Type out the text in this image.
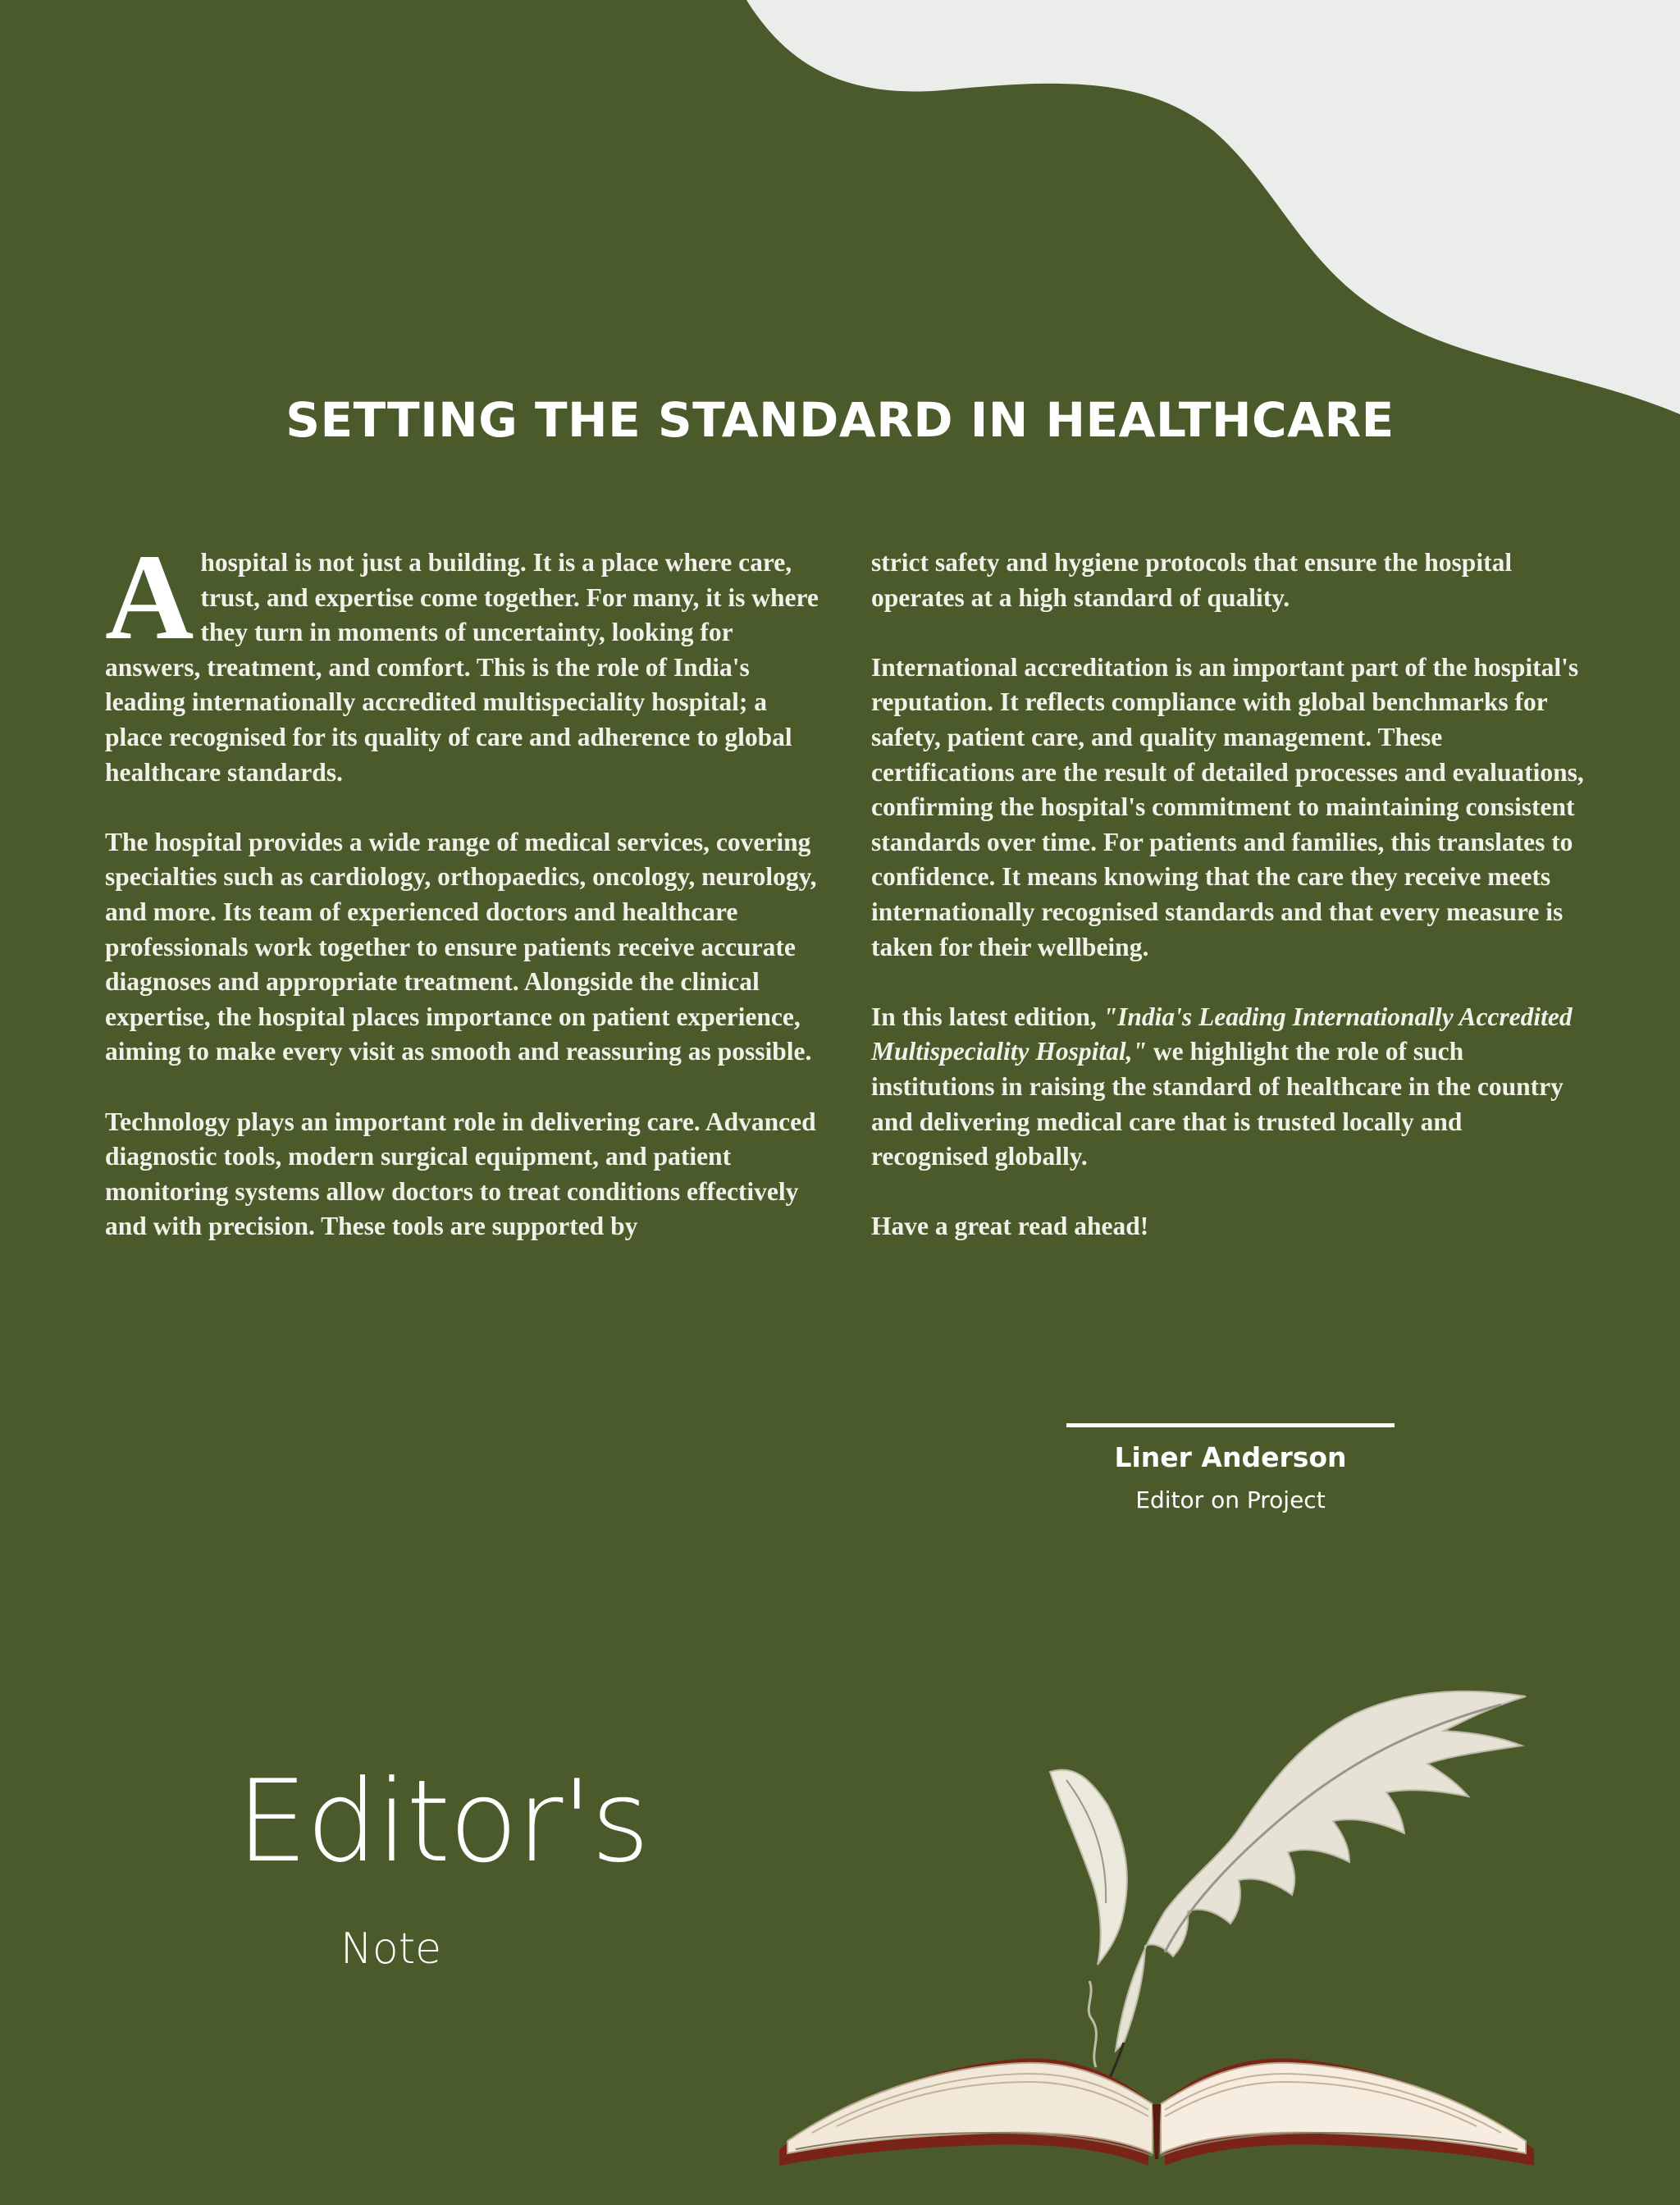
SETTING THE STANDARD IN HEALTHCARE

Ahospital is not just a building. It is a place where care, trust, and expertise come together. For many, it is where they turn in moments of uncertainty, looking for answers, treatment, and comfort. This is the role of India's leading internationally accredited multispeciality hospital; a place recognised for its quality of care and adherence to global healthcare standards.

The hospital provides a wide range of medical services, covering specialties such as cardiology, orthopaedics, oncology, neurology, and more. Its team of experienced doctors and healthcare professionals work together to ensure patients receive accurate diagnoses and appropriate treatment. Alongside the clinical expertise, the hospital places importance on patient experience, aiming to make every visit as smooth and reassuring as possible.

Technology plays an important role in delivering care. Advanced diagnostic tools, modern surgical equipment, and patient monitoring systems allow doctors to treat conditions effectively and with precision. These tools are supported by

strict safety and hygiene protocols that ensure the hospital operates at a high standard of quality.

International accreditation is an important part of the hospital's reputation. It reflects compliance with global benchmarks for safety, patient care, and quality management. These certifications are the result of detailed processes and evaluations, confirming the hospital's commitment to maintaining consistent standards over time. For patients and families, this translates to confidence. It means knowing that the care they receive meets internationally recognised standards and that every measure is taken for their wellbeing.

In this latest edition, "India's Leading Internationally Accredited Multispeciality Hospital," we highlight the role of such institutions in raising the standard of healthcare in the country and delivering medical care that is trusted locally and recognised globally.

Have a great read ahead!

Liner Anderson

Editor on Project

Editor's

Note
